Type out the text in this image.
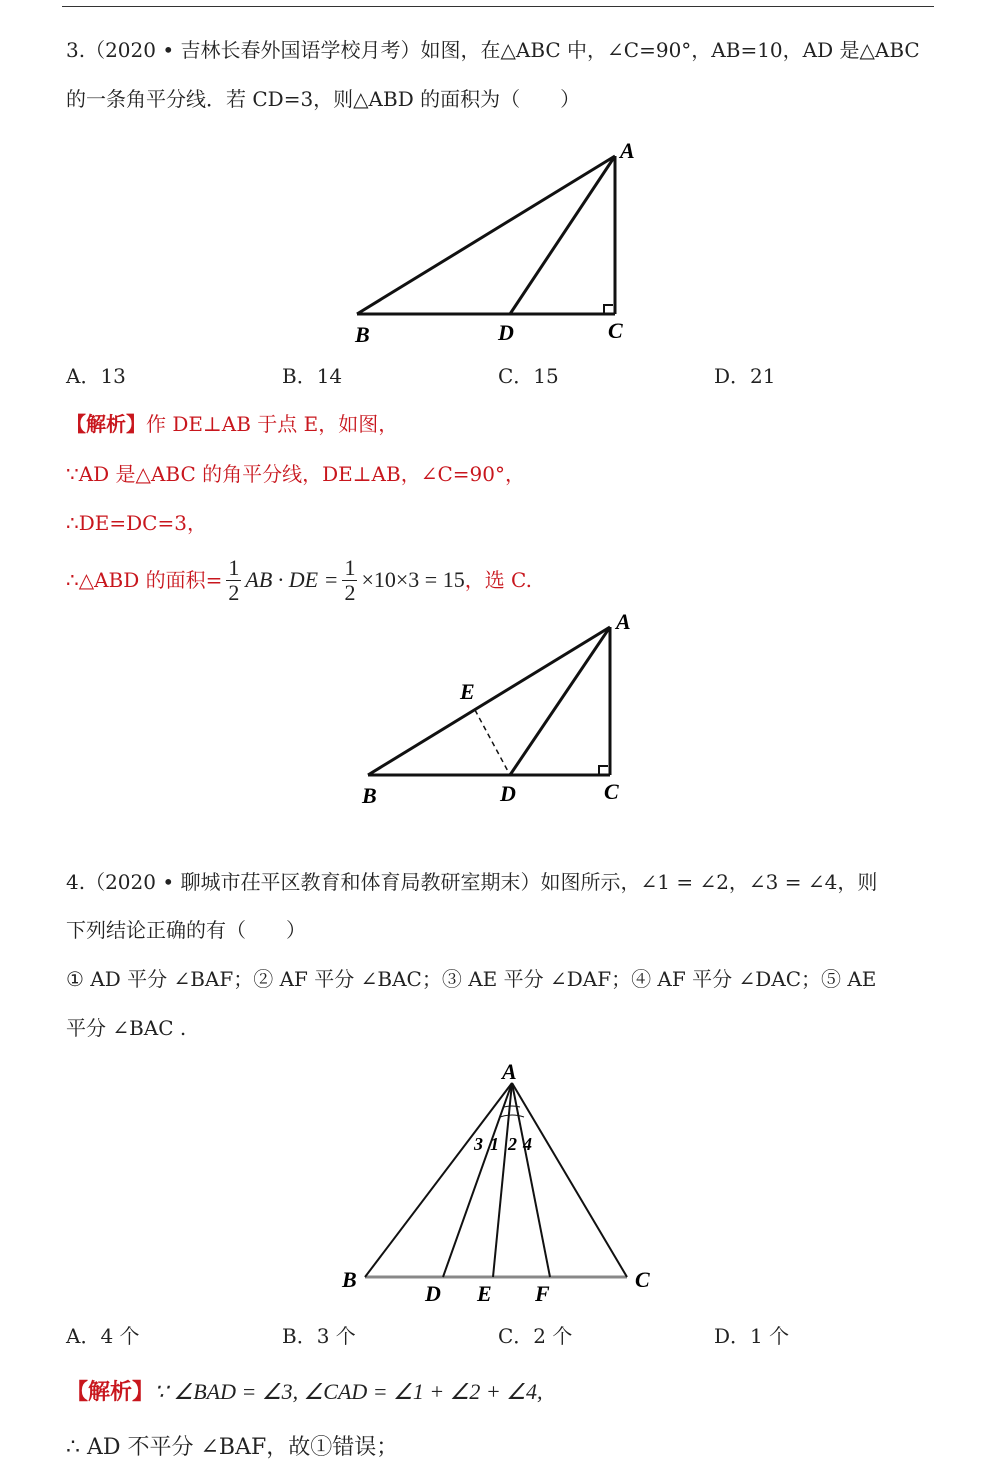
3.（2020 • 吉林长春外国语学校月考）如图，在△ABC 中，∠C=90°，AB=10，AD 是△ABC
的一条角平分线．若 CD=3，则△ABD 的面积为（　　）
A
B	D	C
A．13	B．14	C．15	D．21
【解析】作 DE⊥AB 于点 E，如图，
∵AD 是△ABC 的角平分线，DE⊥AB，∠C=90°，
∴DE=DC=3，
∴△ABD 的面积= $\frac{1}{2}$ AB · DE = $\frac{1}{2} \times 10\times 3 = 15$ ，选 C.
A
E
B	D	C
4.（2020 • 聊城市茌平区教育和体育局教研室期末）如图所示，∠1 = ∠2，∠3 = ∠4，则
下列结论正确的有（　　）
① AD 平分 ∠BAF；② AF 平分 ∠BAC；③ AE 平分 ∠DAF；④ AF 平分 ∠DAC；⑤ AE
平分 ∠BAC .
A
3 1 2 4
B
D E F
C
A．4 个	B．3 个	C．2 个	D．1 个
【解析】∵ ∠BAD = ∠3, ∠CAD = ∠1 + ∠2 + ∠4,
∴ AD 不平分 ∠BAF，故①错误；
